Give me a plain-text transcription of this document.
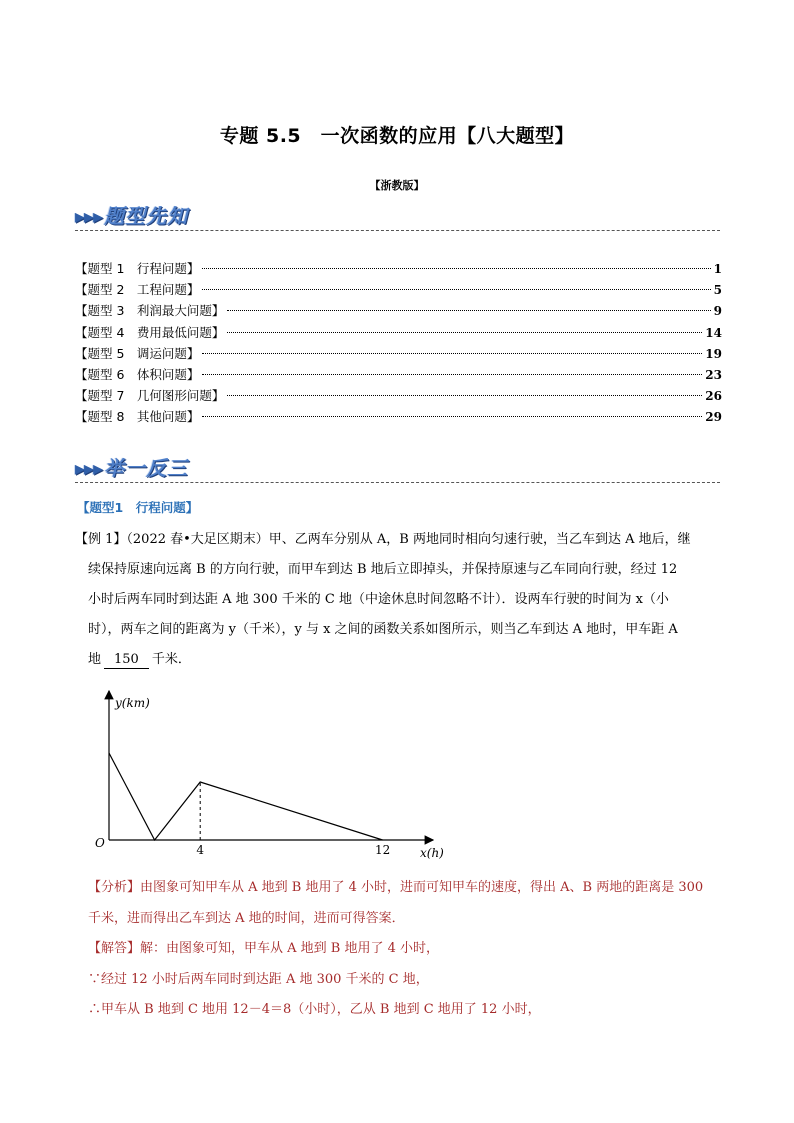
专题 5.5　一次函数的应用【八大题型】
【浙教版】
▸▸▸ 题型先知
【题型 1　行程问题】	1
【题型 2　工程问题】	5
【题型 3　利润最大问题】	9
【题型 4　费用最低问题】	14
【题型 5　调运问题】	19
【题型 6　体积问题】	23
【题型 7　几何图形问题】	26
【题型 8　其他问题】	29
▸▸▸ 举一反三
【题型1　行程问题】
【例 1】（2022 春•大足区期末）甲、乙两车分别从 A，B 两地同时相向匀速行驶，当乙车到达 A 地后，继
续保持原速向远离 B 的方向行驶，而甲车到达 B 地后立即掉头，并保持原速与乙车同向行驶，经过 12
小时后两车同时到达距 A 地 300 千米的 C 地（中途休息时间忽略不计）．设两车行驶的时间为 x（小
时），两车之间的距离为 y（千米），y 与 x 之间的函数关系如图所示，则当乙车到达 A 地时，甲车距 A
地 150 千米．
y(km)
x(h)
O	4	12
【分析】由图象可知甲车从 A 地到 B 地用了 4 小时，进而可知甲车的速度，得出 A、B 两地的距离是 300
千米，进而得出乙车到达 A 地的时间，进而可得答案．
【解答】解：由图象可知，甲车从 A 地到 B 地用了 4 小时，
∵经过 12 小时后两车同时到达距 A 地 300 千米的 C 地，
∴甲车从 B 地到 C 地用 12－4＝8（小时），乙从 B 地到 C 地用了 12 小时，
